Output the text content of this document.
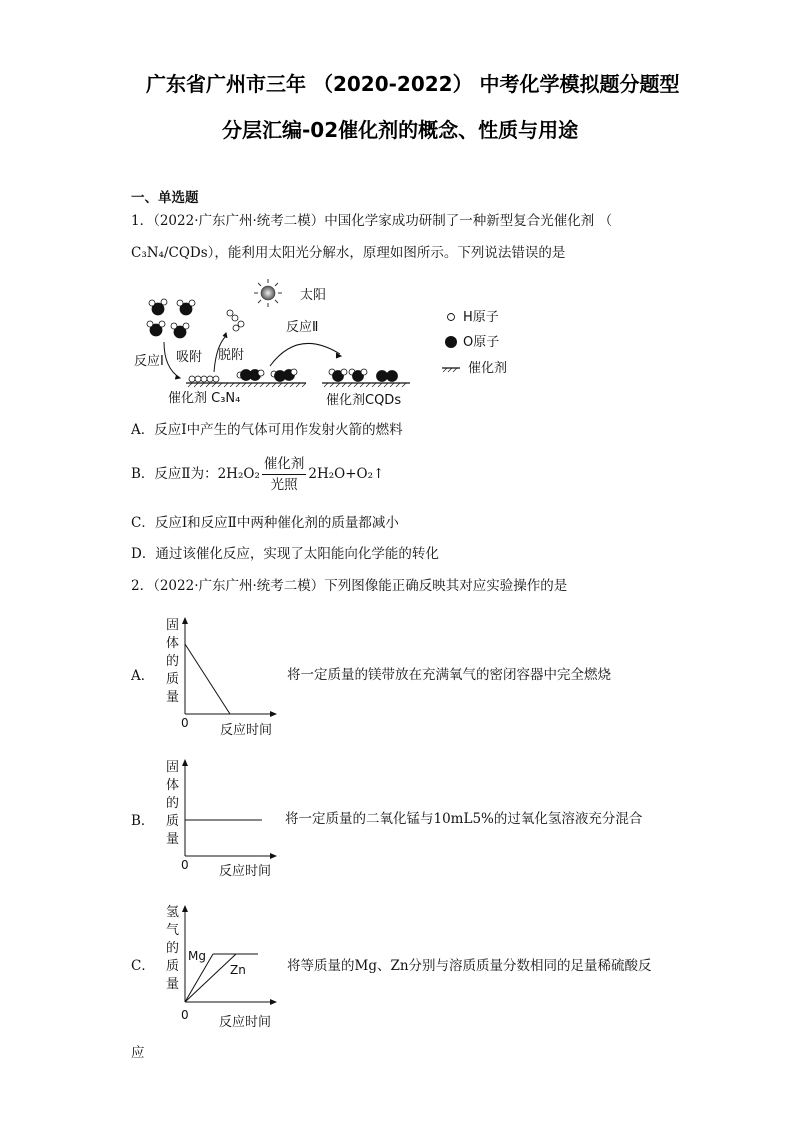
广东省广州市三年 （2020-2022） 中考化学模拟题分题型
分层汇编-02催化剂的概念、性质与用途
一、单选题
1．（2022·广东广州·统考二模）中国化学家成功研制了一种新型复合光催化剂 （
C₃N₄/CQDs），能利用太阳光分解水，原理如图所示。下列说法错误的是
太阳
反应Ⅰ 吸附 脱附
反应Ⅱ
催化剂 C₃N₄	催化剂CQDs
H原子
O原子
催化剂
A．反应Ⅰ中产生的气体可用作发射火箭的燃料
B．反应Ⅱ为：$2H_2O_2 \frac{\text{催化剂}}{\text{光照}}$ 2H₂O+O₂↑
C．反应Ⅰ和反应Ⅱ中两种催化剂的质量都减小
D．通过该催化反应，实现了太阳能向化学能的转化
2．（2022·广东广州·统考二模）下列图像能正确反映其对应实验操作的是
A．
固
体
的
质
量
0 反应时间
将一定质量的镁带放在充满氧气的密闭容器中完全燃烧
B．
固
体
的
质
量
0 反应时间
将一定质量的二氧化锰与10mL5%的过氧化氢溶液充分混合
C．
氢
气
的
质
量
Mg
Zn
0 反应时间
将等质量的Mg、Zn分别与溶质质量分数相同的足量稀硫酸反
应
